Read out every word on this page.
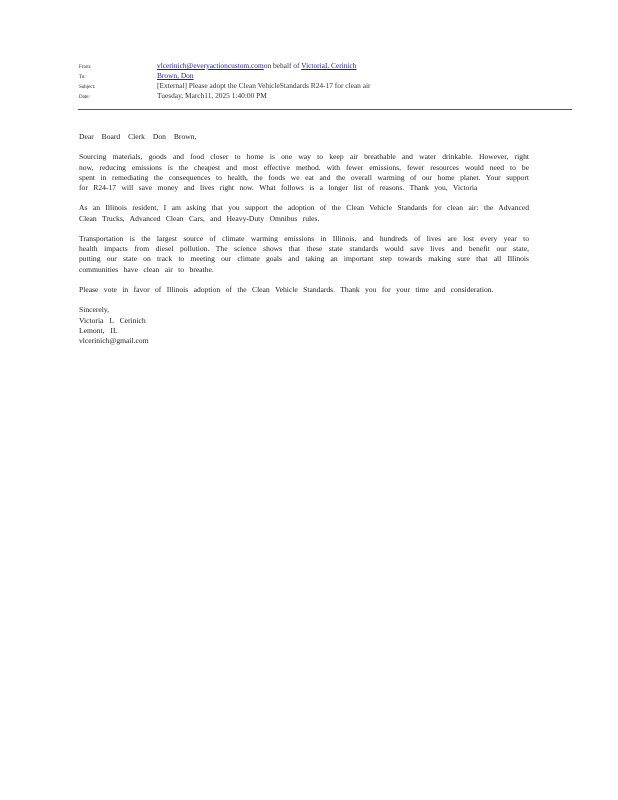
From:	vlcerinich@everyactioncustom.comon behalf of VictoriaL Cerinich
To:	Brown, Don
Subject:	[External] Please adopt the Clean VehicleStandards R24-17 for clean air
Date:	Tuesday, March11, 2025 1:40:00 PM

Dear Board Clerk Don Brown,

Sourcing materials, goods and food closer to home is one way to keep air breathable and water drinkable. However, right now, reducing emissions is the cheapest and most effective method. with fewer emissions, fewer resources would need to be spent in remediating the consequences to health, the foods we eat and the overall warming of our home planet. Your support for R24-17 will save money and lives right now. What follows is a longer list of reasons. Thank you, Victoria

As an Illinois resident, I am asking that you support the adoption of the Clean Vehicle Standards for clean air: the Advanced Clean Trucks, Advanced Clean Cars, and Heavy-Duty Omnibus rules.

Transportation is the largest source of climate warming emissions in Illinois, and hundreds of lives are lost every year to health impacts from diesel pollution. The science shows that these state standards would save lives and benefit our state, putting our state on track to meeting our climate goals and taking an important step towards making sure that all Illinois communities have clean air to breathe.

Please vote in favor of Illinois adoption of the Clean Vehicle Standards. Thank you for your time and consideration.

Sincerely,
Victoria L Cerinich
Lemont, IL
vlcerinich@gmail.com
